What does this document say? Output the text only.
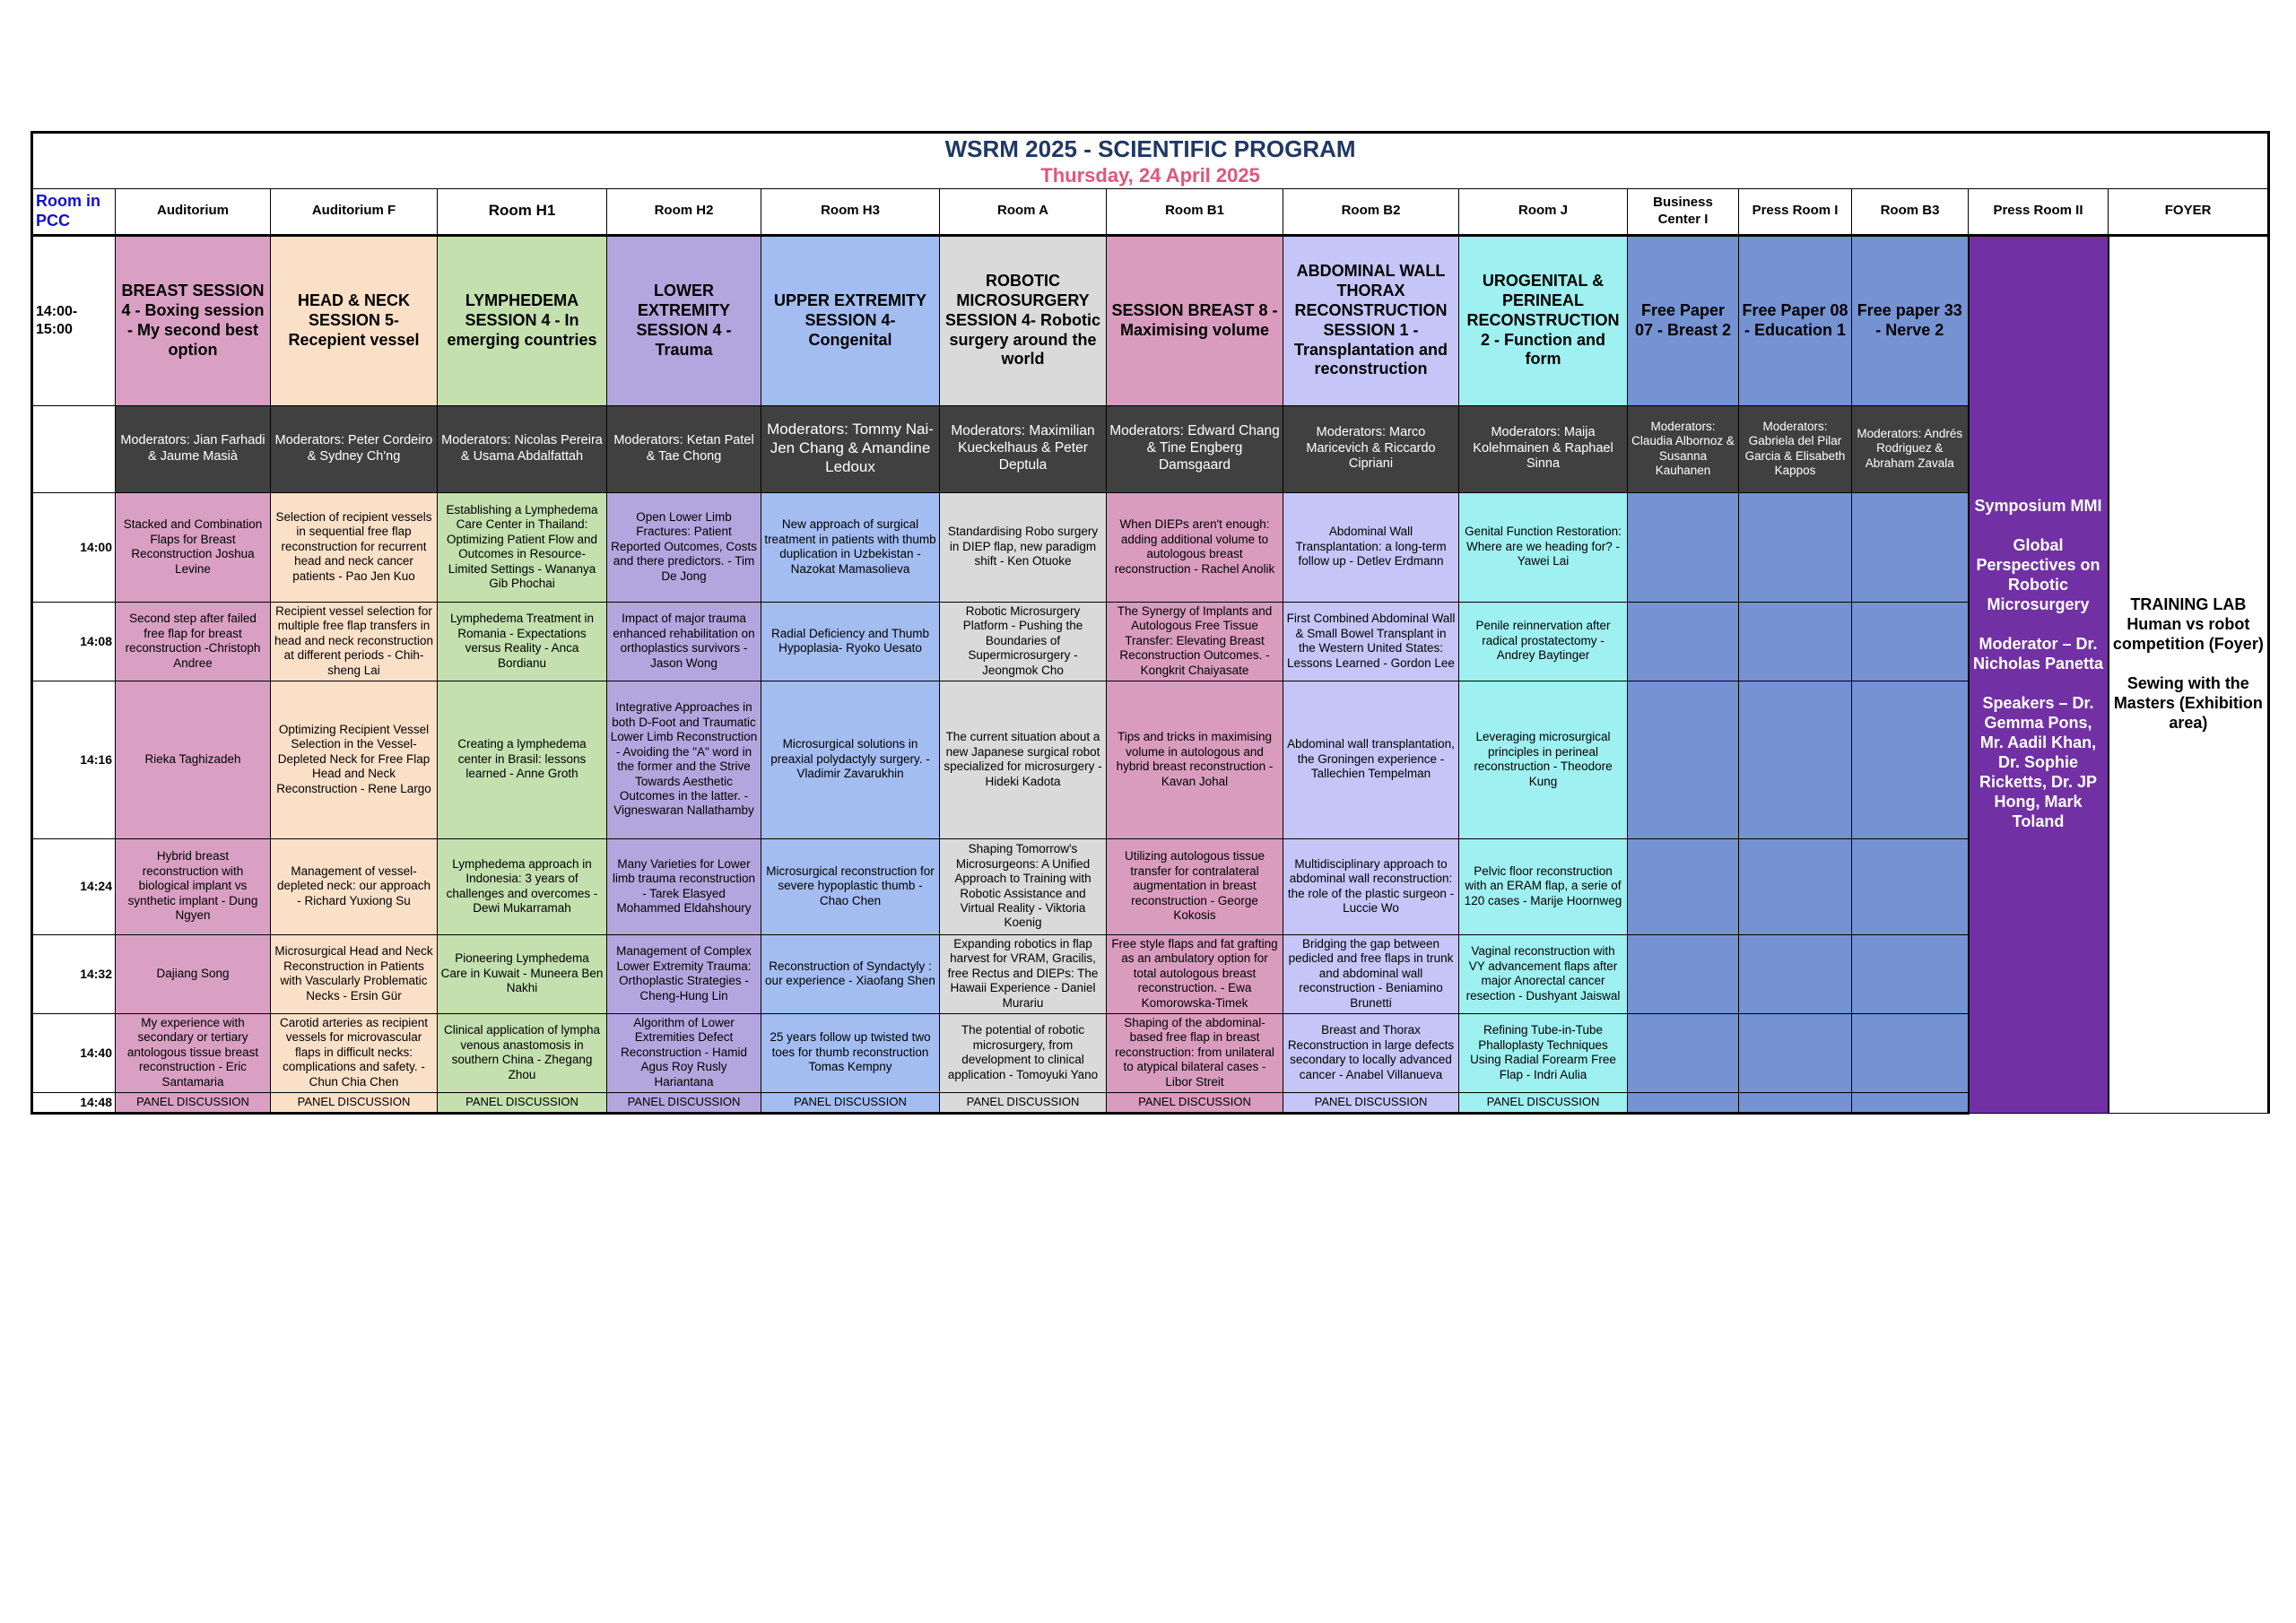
WSRM 2025 - SCIENTIFIC PROGRAM
Thursday, 24 April 2025														

Room in PCC	Auditorium	Auditorium F	Room H1	Room H2	Room H3	Room A	Room B1	Room B2	Room J	Business Center I	Press Room I	Room B3	Press Room II	FOYER
14:00- 15:00	BREAST SESSION 4 - Boxing session - My second best option	HEAD & NECK SESSION 5- Recepient vessel	LYMPHEDEMA SESSION 4 - In emerging countries	LOWER EXTREMITY SESSION 4 - Trauma	UPPER EXTREMITY SESSION 4- Congenital	ROBOTIC MICROSURGERY SESSION 4- Robotic surgery around the world	SESSION BREAST 8 - Maximising volume	ABDOMINAL WALL THORAX RECONSTRUCTION SESSION 1 - Transplantation and reconstruction	UROGENITAL & PERINEAL RECONSTRUCTION 2 - Function and form	Free Paper 07 - Breast 2	Free Paper 08 - Education 1	Free paper 33 - Nerve 2	Symposium MMI
Global Perspectives on Robotic Microsurgery
Moderator – Dr. Nicholas Panetta
Speakers – Dr. Gemma Pons, Mr. Aadil Khan, Dr. Sophie Ricketts, Dr. JP Hong, Mark Toland	TRAINING LAB Human vs robot competition (Foyer)
Sewing with the Masters (Exhibition area)

	Moderators: Jian Farhadi & Jaume Masià	Moderators: Peter Cordeiro & Sydney Ch'ng	Moderators: Nicolas Pereira & Usama Abdalfattah	Moderators: Ketan Patel & Tae Chong	Moderators: Tommy Nai-Jen Chang & Amandine Ledoux	Moderators: Maximilian Kueckelhaus & Peter Deptula	Moderators: Edward Chang & Tine Engberg Damsgaard	Moderators: Marco Maricevich & Riccardo Cipriani	Moderators: Maija Kolehmainen & Raphael Sinna	Moderators: Claudia Albornoz & Susanna Kauhanen	Moderators: Gabriela del Pilar Garcia & Elisabeth Kappos	Moderators: Andrés Rodriguez & Abraham Zavala		
14:00	Stacked and Combination Flaps for Breast Reconstruction Joshua Levine	Selection of recipient vessels in sequential free flap reconstruction for recurrent head and neck cancer patients - Pao Jen Kuo	Establishing a Lymphedema Care Center in Thailand: Optimizing Patient Flow and Outcomes in Resource-Limited Settings - Wananya Gib Phochai	Open Lower Limb Fractures: Patient Reported Outcomes, Costs and there predictors. - Tim De Jong	New approach of surgical treatment in patients with thumb duplication in Uzbekistan - Nazokat Mamasolieva	Standardising Robo surgery in DIEP flap, new paradigm shift - Ken Otuoke	When DIEPs aren't enough: adding additional volume to autologous breast reconstruction - Rachel Anolik	Abdominal Wall Transplantation: a long-term follow up - Detlev Erdmann	Genital Function Restoration: Where are we heading for? - Yawei Lai					
14:08	Second step after failed free flap for breast reconstruction -Christoph Andree	Recipient vessel selection for multiple free flap transfers in head and neck reconstruction at different periods - Chih-sheng Lai	Lymphedema Treatment in Romania - Expectations versus Reality - Anca Bordianu	Impact of major trauma enhanced rehabilitation on orthoplastics survivors - Jason Wong	Radial Deficiency and Thumb Hypoplasia- Ryoko Uesato	Robotic Microsurgery Platform - Pushing the Boundaries of Supermicrosurgery - Jeongmok Cho	The Synergy of Implants and Autologous Free Tissue Transfer: Elevating Breast Reconstruction Outcomes. - Kongkrit Chaiyasate	First Combined Abdominal Wall & Small Bowel Transplant in the Western United States: Lessons Learned - Gordon Lee	Penile reinnervation after radical prostatectomy - Andrey Baytinger					
14:16	Rieka Taghizadeh	Optimizing Recipient Vessel Selection in the Vessel-Depleted Neck for Free Flap Head and Neck Reconstruction - Rene Largo	Creating a lymphedema center in Brasil: lessons learned - Anne Groth	Integrative Approaches in both D-Foot and Traumatic Lower Limb Reconstruction - Avoiding the "A" word in the former and the Strive Towards Aesthetic Outcomes in the latter. - Vigneswaran Nallathamby	Microsurgical solutions in preaxial polydactyly surgery. - Vladimir Zavarukhin	The current situation about a new Japanese surgical robot specialized for microsurgery - Hideki Kadota	Tips and tricks in maximising volume in autologous and hybrid breast reconstruction - Kavan Johal	Abdominal wall transplantation, the Groningen experience - Tallechien Tempelman	Leveraging microsurgical principles in perineal reconstruction - Theodore Kung					
14:24	Hybrid breast reconstruction with biological implant vs synthetic implant - Dung Ngyen	Management of vessel-depleted neck: our approach - Richard Yuxiong Su	Lymphedema approach in Indonesia: 3 years of challenges and overcomes - Dewi Mukarramah	Many Varieties for Lower limb trauma reconstruction - Tarek Elasyed Mohammed Eldahshoury	Microsurgical reconstruction for severe hypoplastic thumb - Chao Chen	Shaping Tomorrow's Microsurgeons: A Unified Approach to Training with Robotic Assistance and Virtual Reality - Viktoria Koenig	Utilizing autologous tissue transfer for contralateral augmentation in breast reconstruction - George Kokosis	Multidisciplinary approach to abdominal wall reconstruction: the role of the plastic surgeon - Luccie Wo	Pelvic floor reconstruction with an ERAM flap, a serie of 120 cases - Marije Hoornweg					
14:32	Dajiang Song	Microsurgical Head and Neck Reconstruction in Patients with Vascularly Problematic Necks - Ersin Gür	Pioneering Lymphedema Care in Kuwait - Muneera Ben Nakhi	Management of Complex Lower Extremity Trauma: Orthoplastic Strategies - Cheng-Hung Lin	Reconstruction of Syndactyly : our experience - Xiaofang Shen	Expanding robotics in flap harvest for VRAM, Gracilis, free Rectus and DIEPs: The Hawaii Experience - Daniel Murariu	Free style flaps and fat grafting as an ambulatory option for total autologous breast reconstruction. - Ewa Komorowska-Timek	Bridging the gap between pedicled and free flaps in trunk and abdominal wall reconstruction - Beniamino Brunetti	Vaginal reconstruction with VY advancement flaps after major Anorectal cancer resection - Dushyant Jaiswal					
14:40	My experience with secondary or tertiary antologous tissue breast reconstruction - Eric Santamaria	Carotid arteries as recipient vessels for microvascular flaps in difficult necks: complications and safety. - Chun Chia Chen	Clinical application of lympha venous anastomosis in southern China - Zhegang Zhou	Algorithm of Lower Extremities Defect Reconstruction - Hamid Agus Roy Rusly Hariantana	25 years follow up twisted two toes for thumb reconstruction Tomas Kempny	The potential of robotic microsurgery, from development to clinical application - Tomoyuki Yano	Shaping of the abdominal-based free flap in breast reconstruction: from unilateral to atypical bilateral cases - Libor Streit	Breast and Thorax Reconstruction in large defects secondary to locally advanced cancer - Anabel Villanueva	Refining Tube-in-Tube Phalloplasty Techniques Using Radial Forearm Free Flap - Indri Aulia					
14:48	PANEL DISCUSSION	PANEL DISCUSSION	PANEL DISCUSSION	PANEL DISCUSSION	PANEL DISCUSSION	PANEL DISCUSSION	PANEL DISCUSSION	PANEL DISCUSSION	PANEL DISCUSSION					
